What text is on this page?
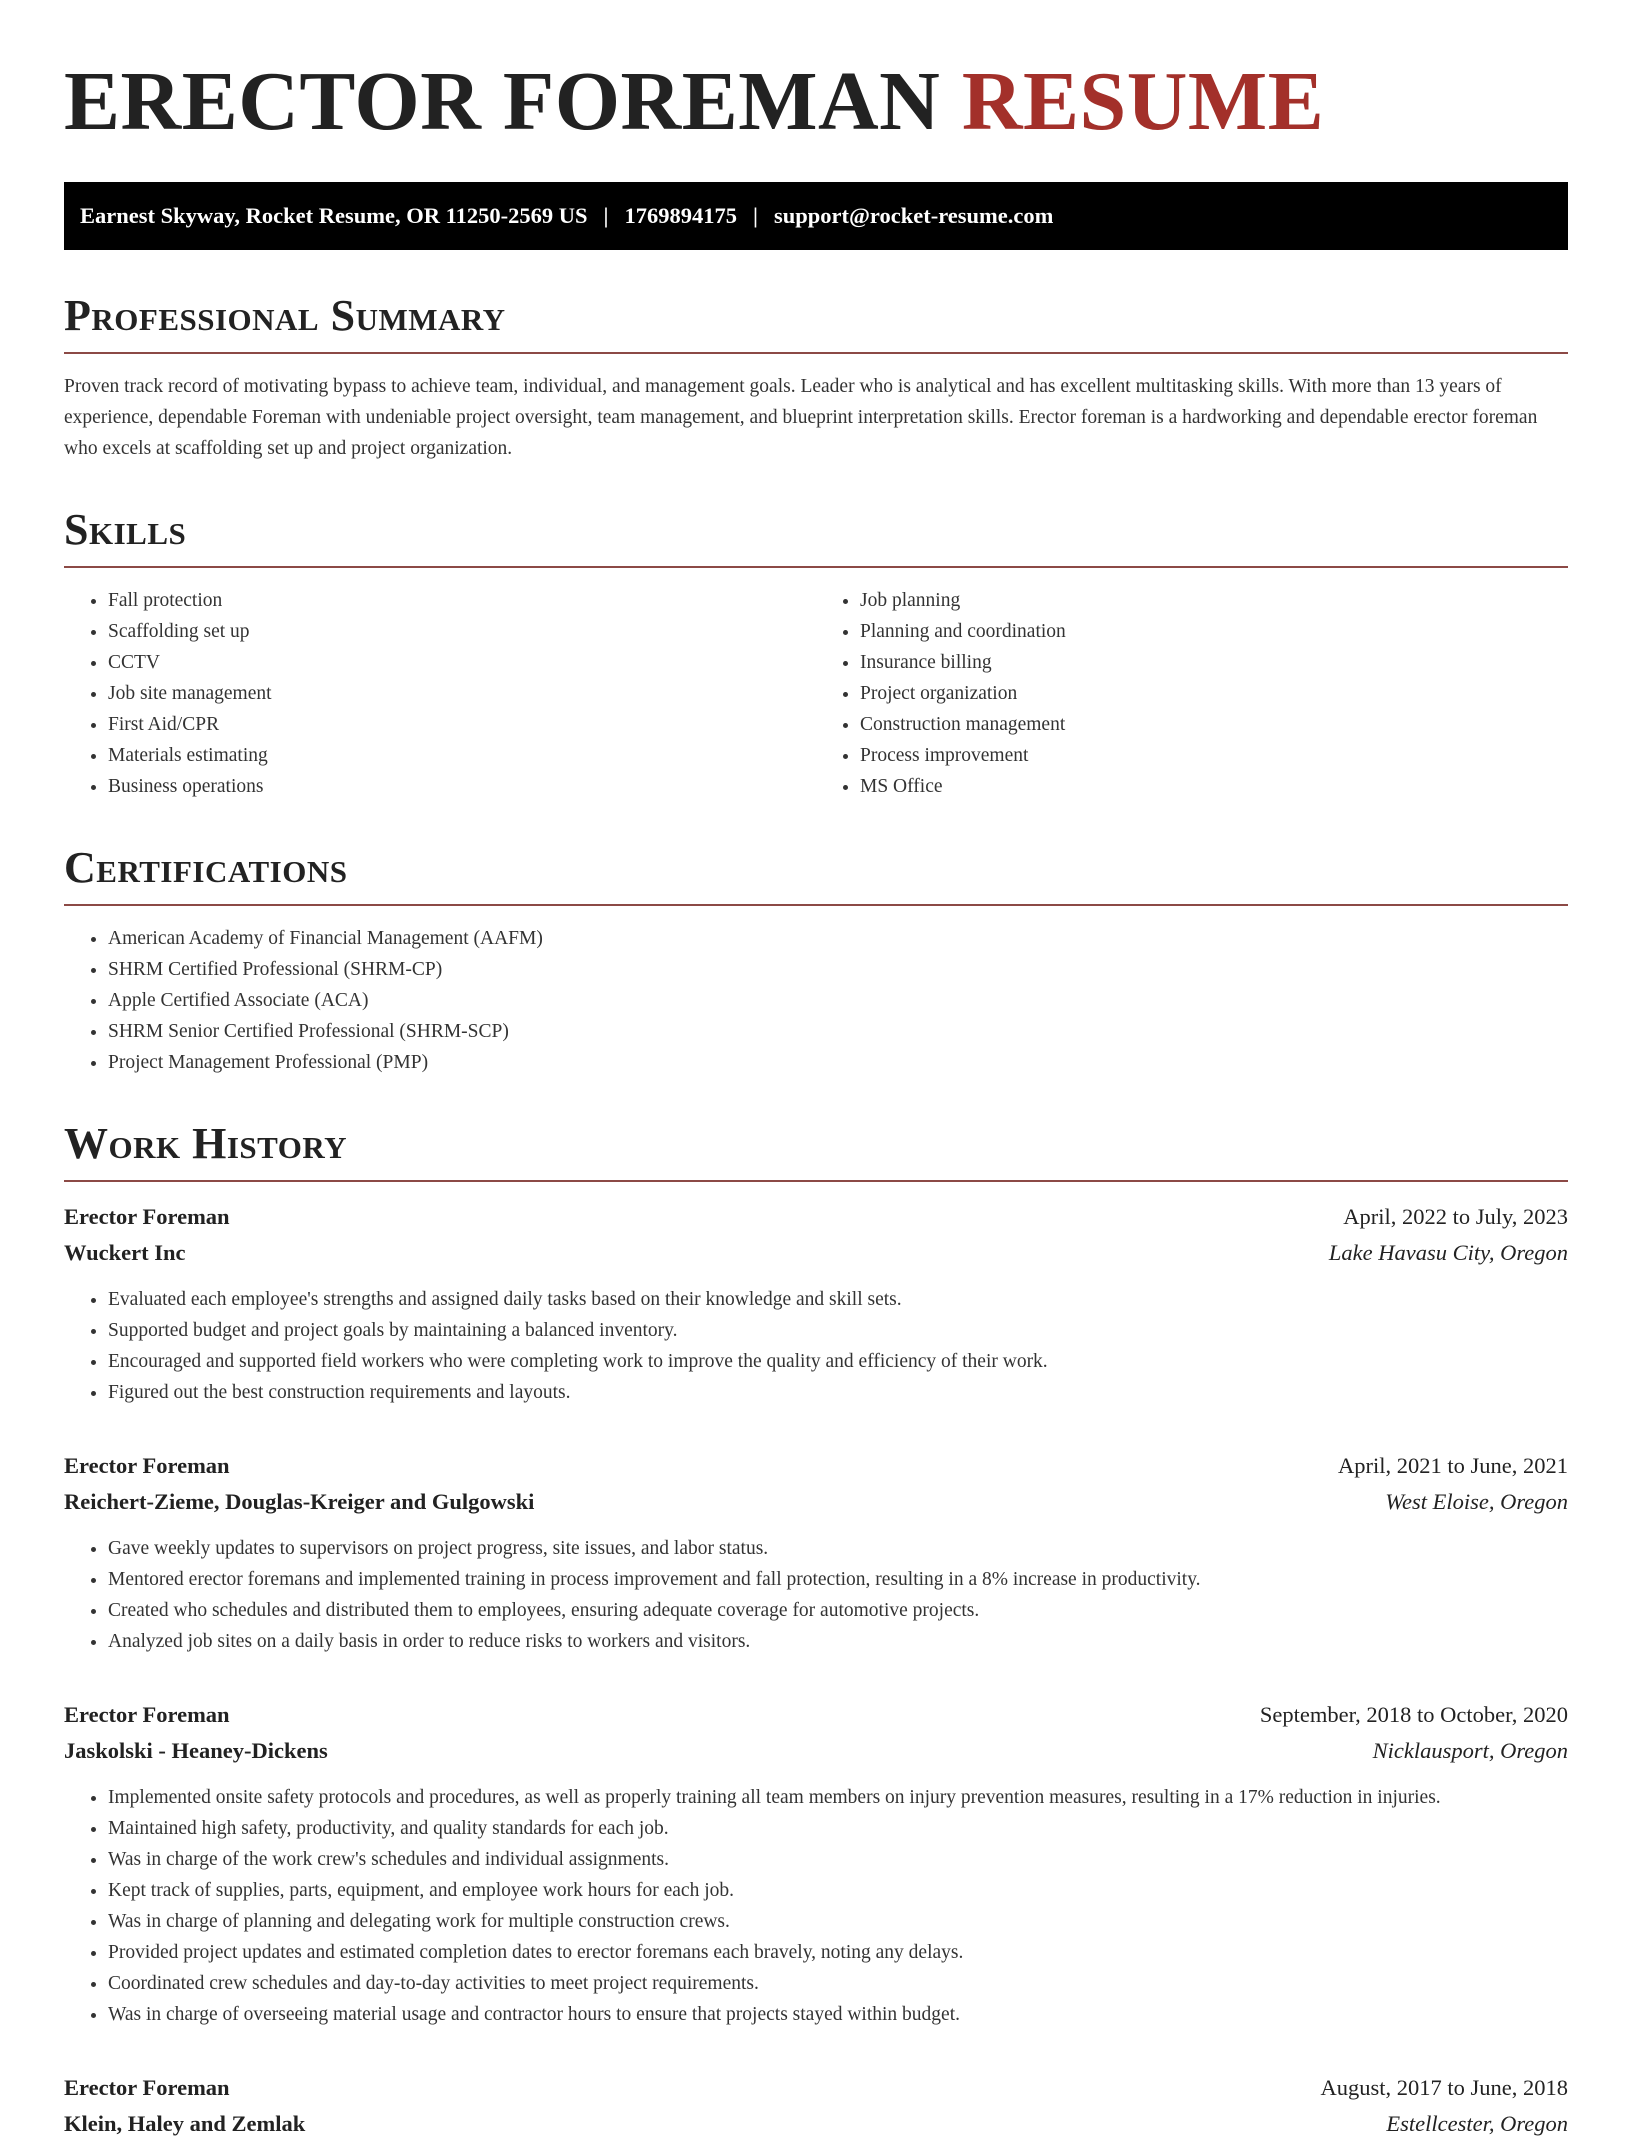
ERECTOR FOREMAN RESUME
Earnest Skyway, Rocket Resume, OR 11250-2569 US | 1769894175 | support@rocket-resume.com
Professional Summary

Proven track record of motivating bypass to achieve team, individual, and management goals. Leader who is analytical and has excellent multitasking skills. With more than 13 years of experience, dependable Foreman with undeniable project oversight, team management, and blueprint interpretation skills. Erector foreman is a hardworking and dependable erector foreman who excels at scaffolding set up and project organization.

Skills
• Fall protection
• Scaffolding set up
• CCTV
• Job site management
• First Aid/CPR
• Materials estimating
• Business operations
• Job planning
• Planning and coordination
• Insurance billing
• Project organization
• Construction management
• Process improvement
• MS Office
Certifications
• American Academy of Financial Management (AAFM)
• SHRM Certified Professional (SHRM-CP)
• Apple Certified Associate (ACA)
• SHRM Senior Certified Professional (SHRM-SCP)
• Project Management Professional (PMP)
Work History
Erector Foreman	April, 2022 to July, 2023
Wuckert Inc	Lake Havasu City, Oregon
• Evaluated each employee's strengths and assigned daily tasks based on their knowledge and skill sets.
• Supported budget and project goals by maintaining a balanced inventory.
• Encouraged and supported field workers who were completing work to improve the quality and efficiency of their work.
• Figured out the best construction requirements and layouts.
Erector Foreman	April, 2021 to June, 2021
Reichert-Zieme, Douglas-Kreiger and Gulgowski	West Eloise, Oregon
• Gave weekly updates to supervisors on project progress, site issues, and labor status.
• Mentored erector foremans and implemented training in process improvement and fall protection, resulting in a 8% increase in productivity.
• Created who schedules and distributed them to employees, ensuring adequate coverage for automotive projects.
• Analyzed job sites on a daily basis in order to reduce risks to workers and visitors.
Erector Foreman	September, 2018 to October, 2020
Jaskolski - Heaney-Dickens	Nicklausport, Oregon
• Implemented onsite safety protocols and procedures, as well as properly training all team members on injury prevention measures, resulting in a 17% reduction in injuries.
• Maintained high safety, productivity, and quality standards for each job.
• Was in charge of the work crew's schedules and individual assignments.
• Kept track of supplies, parts, equipment, and employee work hours for each job.
• Was in charge of planning and delegating work for multiple construction crews.
• Provided project updates and estimated completion dates to erector foremans each bravely, noting any delays.
• Coordinated crew schedules and day-to-day activities to meet project requirements.
• Was in charge of overseeing material usage and contractor hours to ensure that projects stayed within budget.
Erector Foreman	August, 2017 to June, 2018
Klein, Haley and Zemlak	Estellcester, Oregon
